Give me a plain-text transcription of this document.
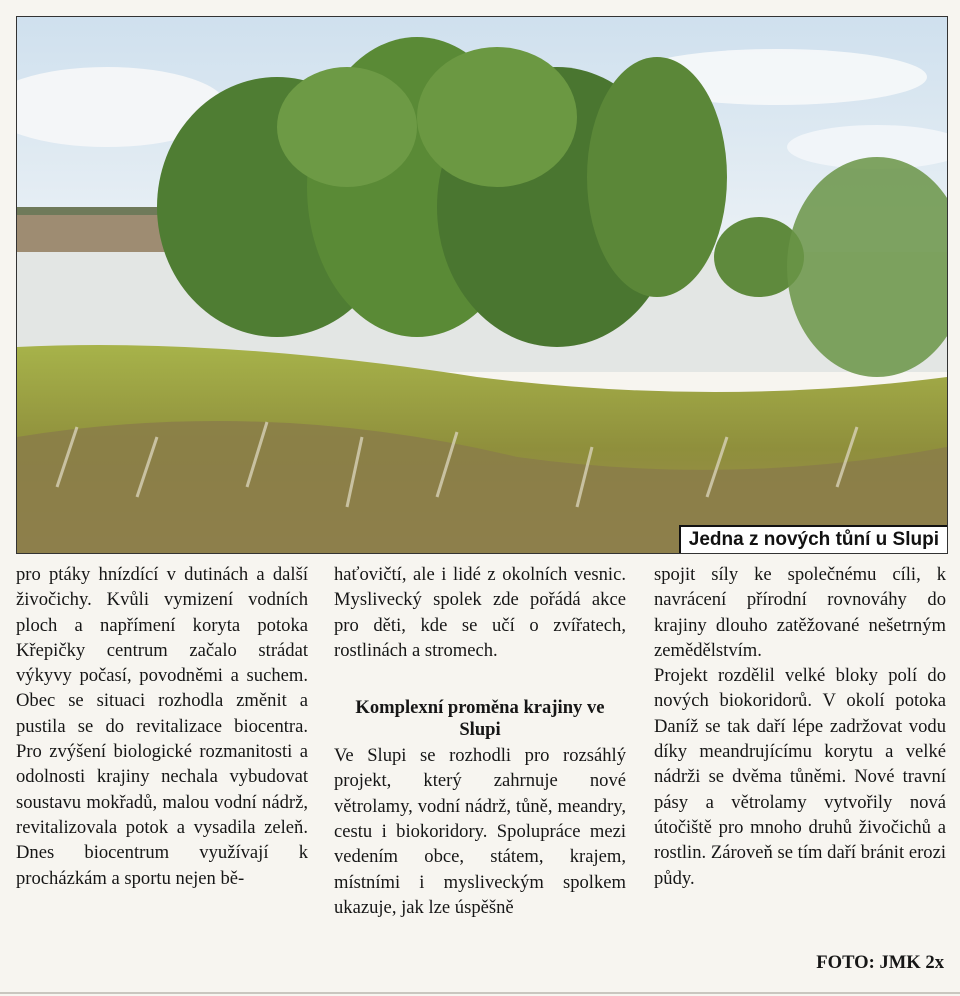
Jedna z nových tůní u Slupi

pro ptáky hnízdící v dutinách a další živočichy. Kvůli vymizení vodních ploch a napřímení koryta potoka Křepičky centrum začalo strádat výkyvy počasí, povodněmi a suchem. Obec se situaci rozhodla změnit a pustila se do revitalizace biocentra. Pro zvýšení biologické rozmanitosti a odolnosti krajiny nechala vybudovat soustavu mokřadů, malou vodní nádrž, revitalizovala potok a vysadila zeleň. Dnes biocentrum využívají k procházkám a sportu nejen bě-

haťovičtí, ale i lidé z okolních vesnic. Myslivecký spolek zde pořádá akce pro děti, kde se učí o zvířatech, rostlinách a stromech.

Komplexní proměna krajiny ve Slupi

Ve Slupi se rozhodli pro rozsáhlý projekt, který zahrnuje nové větrolamy, vodní nádrž, tůně, meandry, cestu i biokoridory. Spolupráce mezi vedením obce, státem, krajem, místními i mysliveckým spolkem ukazuje, jak lze úspěšně

spojit síly ke společnému cíli, k navrácení přírodní rovnováhy do krajiny dlouho zatěžované nešetrným zemědělstvím.

Projekt rozdělil velké bloky polí do nových biokoridorů. V okolí potoka Daníž se tak daří lépe zadržovat vodu díky meandrujícímu korytu a velké nádrži se dvěma tůněmi. Nové travní pásy a větrolamy vytvořily nová útočiště pro mnoho druhů živočichů a rostlin. Zároveň se tím daří bránit erozi půdy.

FOTO: JMK 2x
